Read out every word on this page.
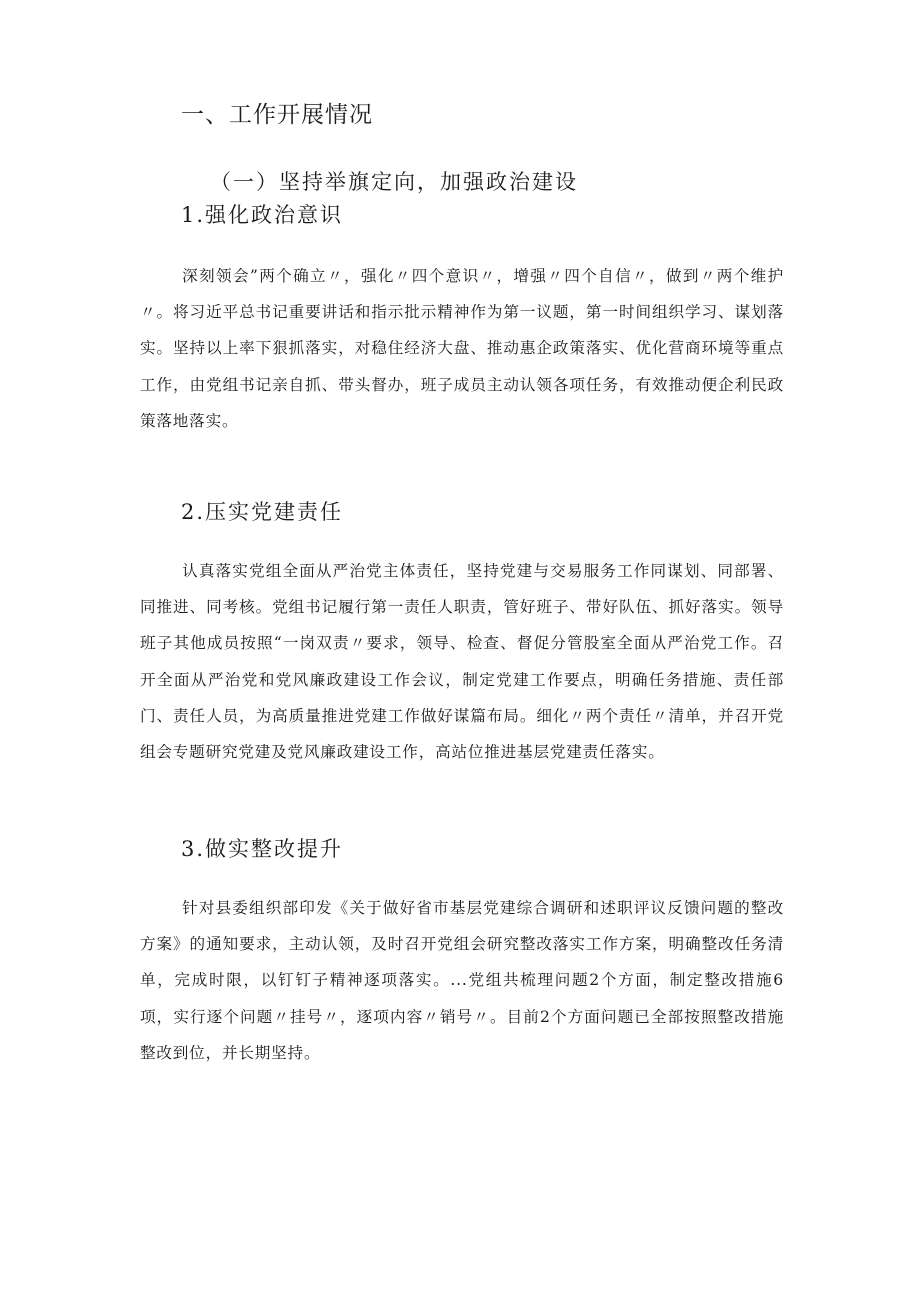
一、工作开展情况
（一）坚持举旗定向，加强政治建设
1.强化政治意识

深刻领会”两个确立〃，强化〃四个意识〃，增强〃四个自信〃，做到〃两个维护〃。将习近平总书记重要讲话和指示批示精神作为第一议题，第一时间组织学习、谋划落实。坚持以上率下狠抓落实，对稳住经济大盘、推动惠企政策落实、优化营商环境等重点工作，由党组书记亲自抓、带头督办，班子成员主动认领各项任务，有效推动便企利民政策落地落实。

2.压实党建责任

认真落实党组全面从严治党主体责任，坚持党建与交易服务工作同谋划、同部署、同推进、同考核。党组书记履行第一责任人职责，管好班子、带好队伍、抓好落实。领导班子其他成员按照“一岗双责〃要求，领导、检查、督促分管股室全面从严治党工作。召开全面从严治党和党风廉政建设工作会议，制定党建工作要点，明确任务措施、责任部门、责任人员，为高质量推进党建工作做好谋篇布局。细化〃两个责任〃清单，并召开党组会专题研究党建及党风廉政建设工作，高站位推进基层党建责任落实。

3.做实整改提升

针对县委组织部印发《关于做好省市基层党建综合调研和述职评议反馈问题的整改方案》的通知要求，主动认领，及时召开党组会研究整改落实工作方案，明确整改任务清单，完成时限，以钉钉子精神逐项落实。...党组共梳理问题2个方面，制定整改措施6项，实行逐个问题〃挂号〃，逐项内容〃销号〃。目前2个方面问题已全部按照整改措施整改到位，并长期坚持。
